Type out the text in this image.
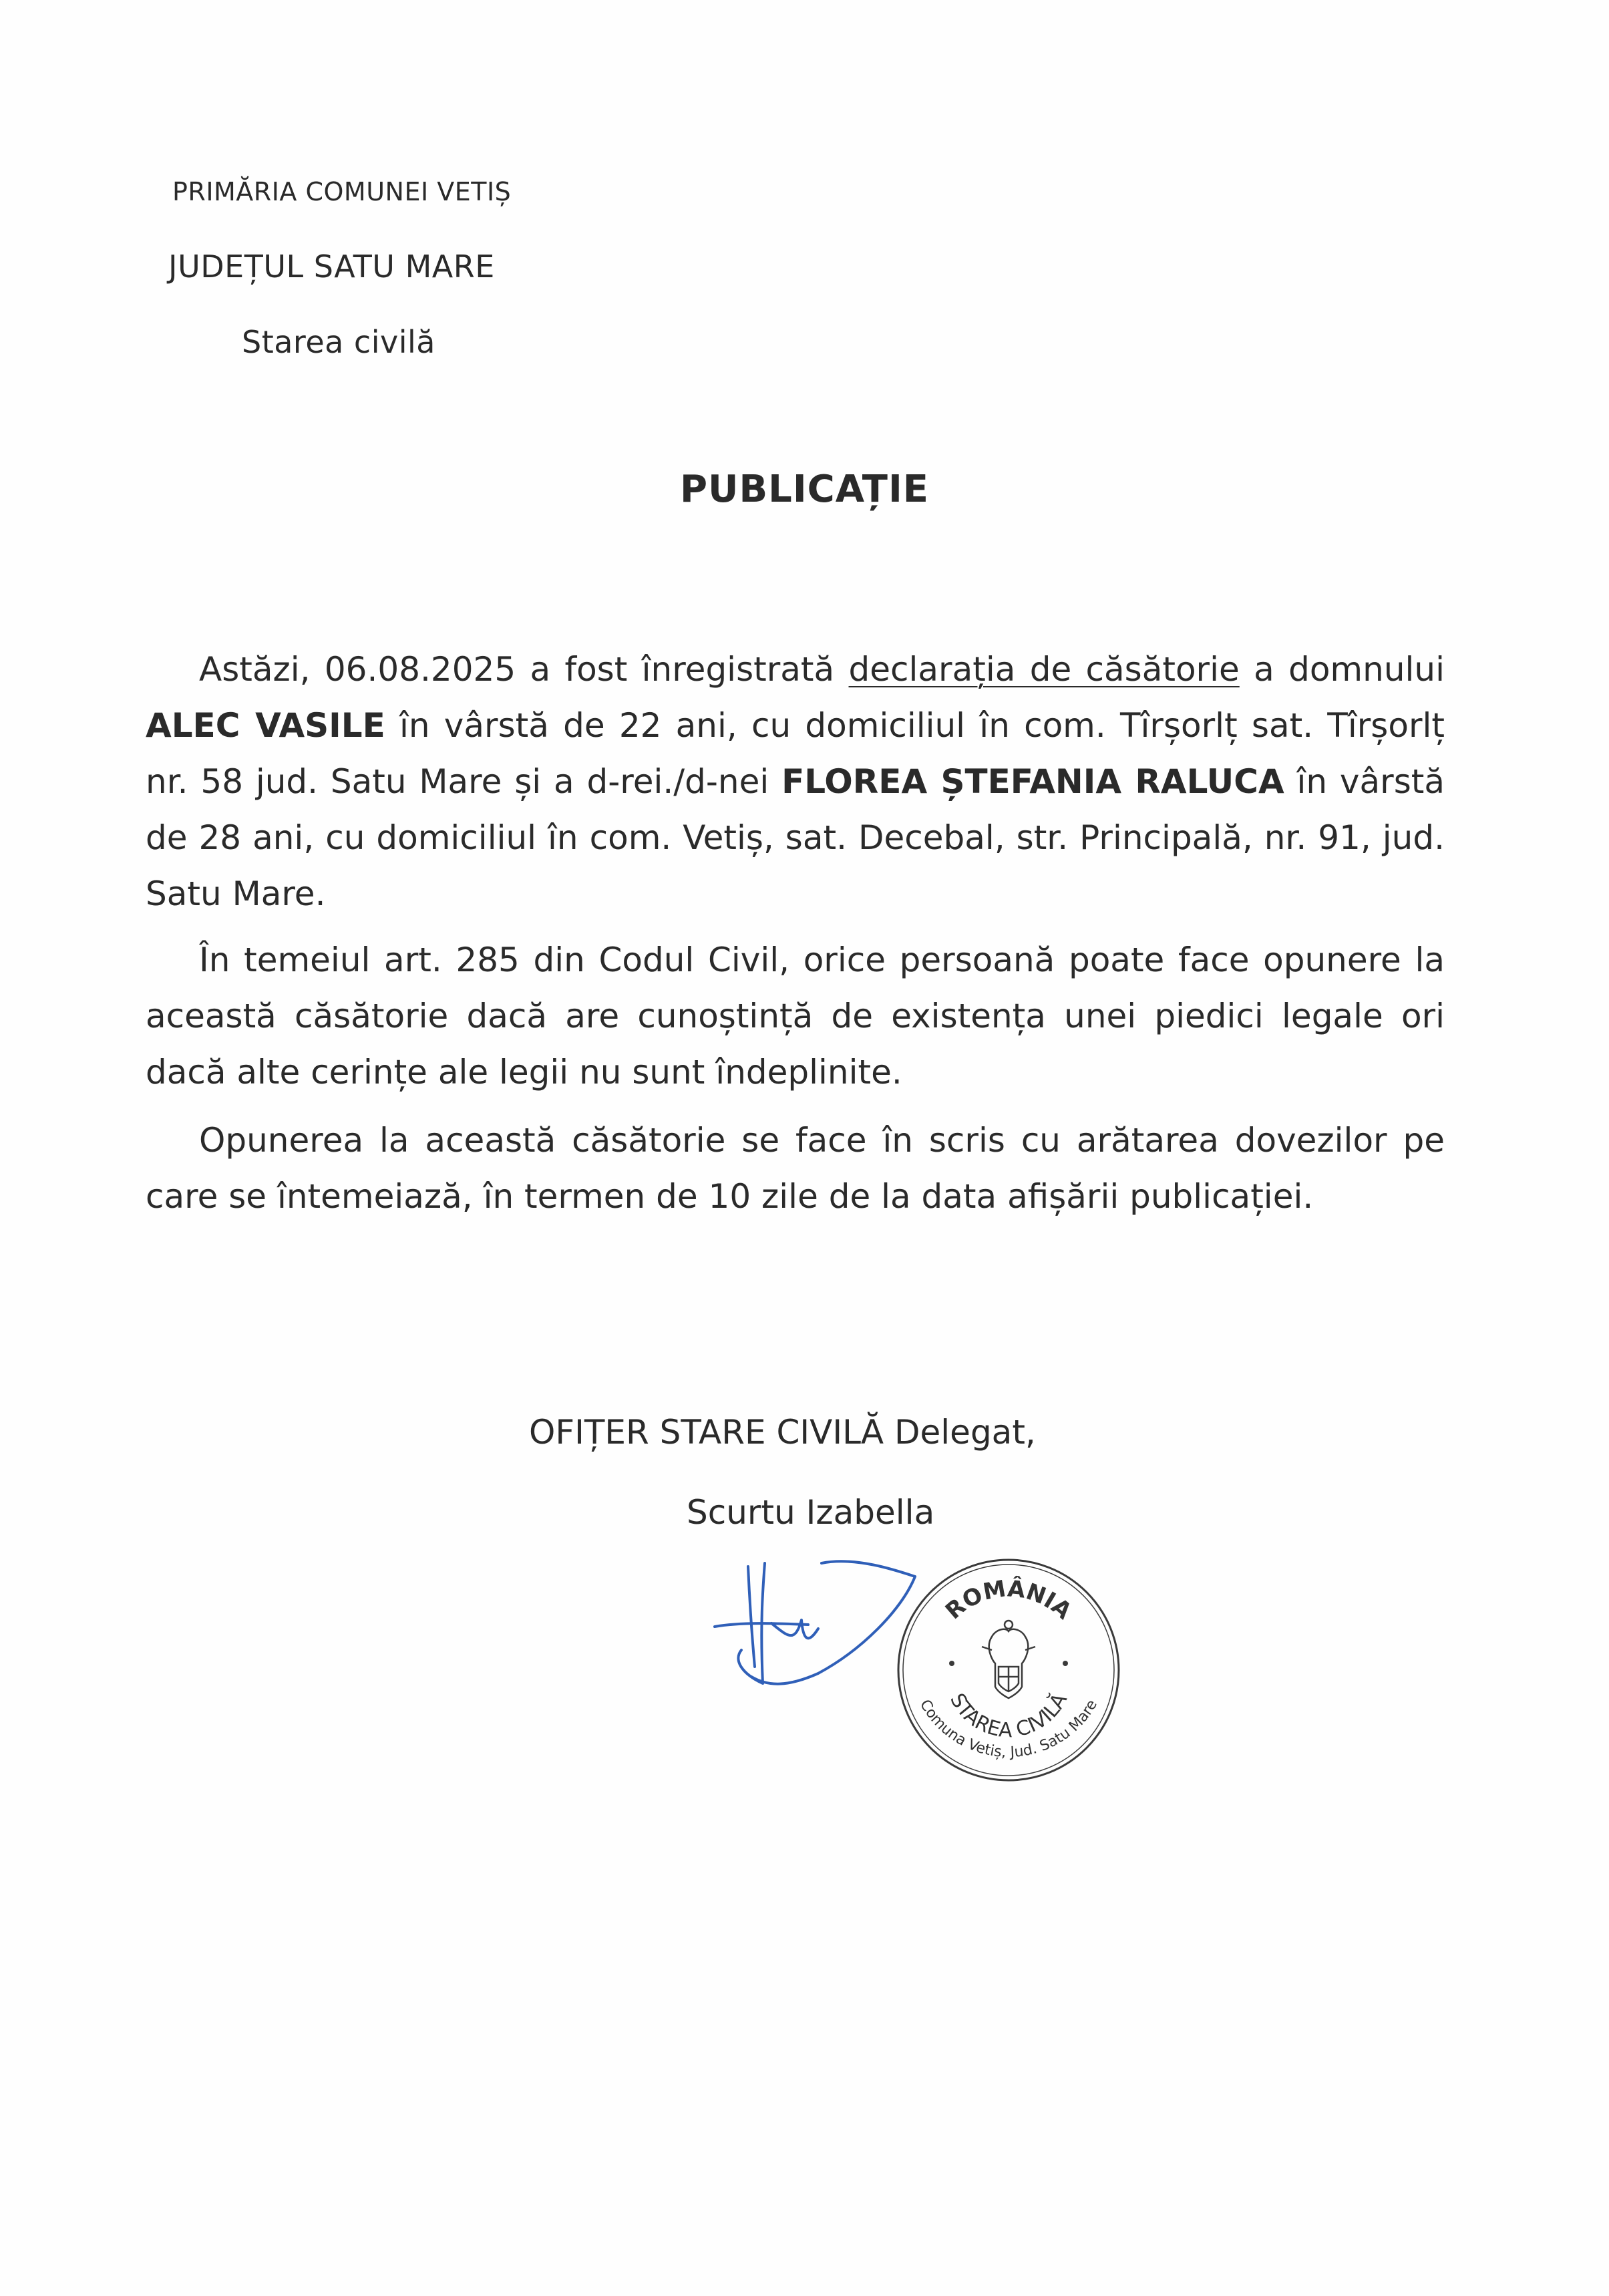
PRIMĂRIA COMUNEI VETIȘ
JUDEȚUL SATU MARE
Starea civilă
PUBLICAȚIE

Astăzi, 06.08.2025 a fost înregistrată declarația de căsătorie a domnului ALEC VASILE în vârstă de 22 ani, cu domiciliul în com. Tîrșorlț sat. Tîrșorlț nr. 58 jud. Satu Mare și a d-rei./d-nei FLOREA ȘTEFANIA RALUCA în vârstă de 28 ani, cu domiciliul în com. Vetiș, sat. Decebal, str. Principală, nr. 91, jud. Satu Mare.

În temeiul art. 285 din Codul Civil, orice persoană poate face opunere la această căsătorie dacă are cunoștință de existența unei piedici legale ori dacă alte cerințe ale legii nu sunt îndeplinite.

Opunerea la această căsătorie se face în scris cu arătarea dovezilor pe care se întemeiază, în termen de 10 zile de la data afișării publicației.

OFIȚER STARE CIVILĂ Delegat,
Scurtu Izabella
ROMÂNIA
STAREA CIVILĂ
Comuna Vetiș, Jud. Satu Mare
